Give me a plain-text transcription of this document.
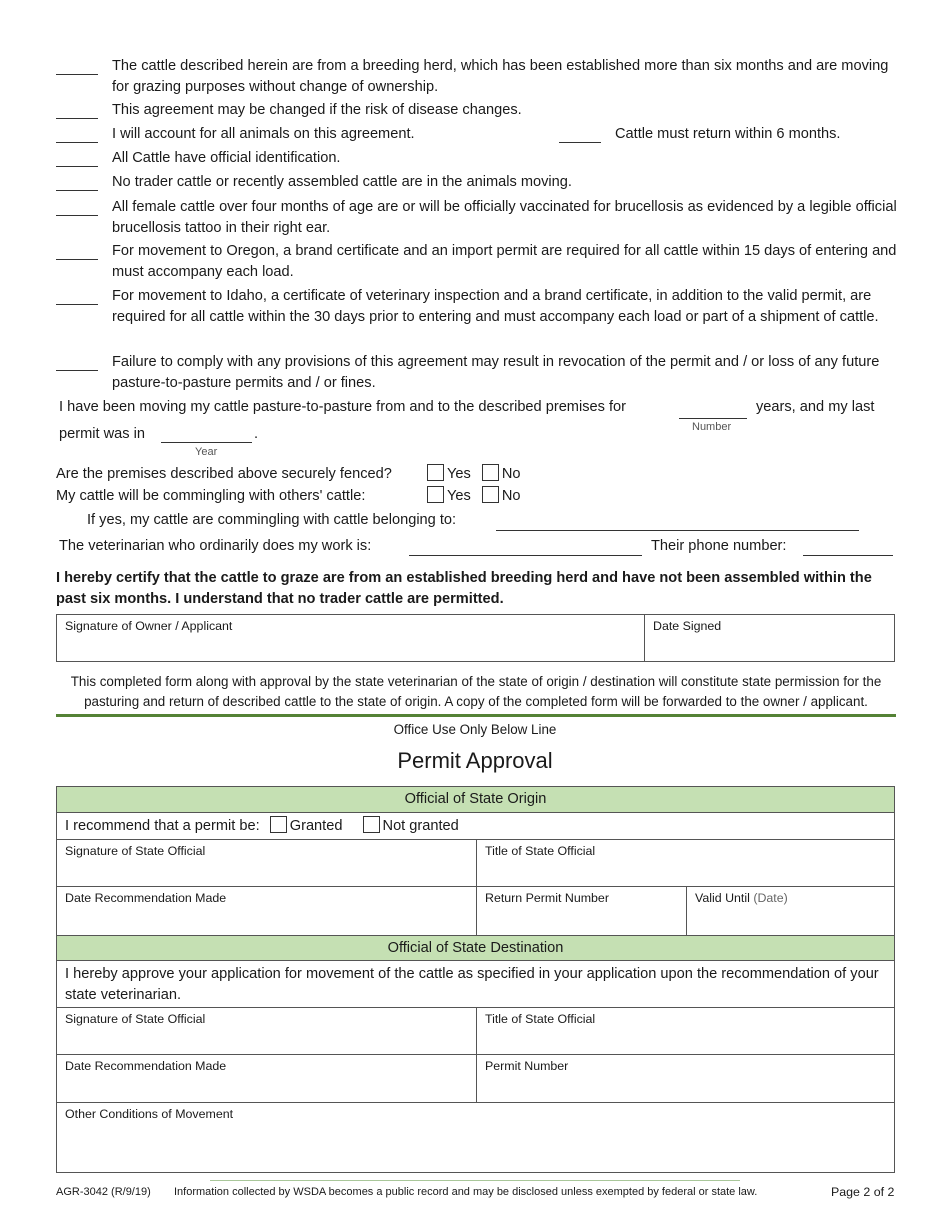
The cattle described herein are from a breeding herd, which has been established more than six months and are moving for grazing purposes without change of ownership.
This agreement may be changed if the risk of disease changes.
I will account for all animals on this agreement.	Cattle must return within 6 months.
All Cattle have official identification.
No trader cattle or recently assembled cattle are in the animals moving.
All female cattle over four months of age are or will be officially vaccinated for brucellosis as evidenced by a legible official brucellosis tattoo in their right ear.
For movement to Oregon, a brand certificate and an import permit are required for all cattle within 15 days of entering and must accompany each load.
For movement to Idaho, a certificate of veterinary inspection and a brand certificate, in addition to the valid permit, are required for all cattle within the 30 days prior to entering and must accompany each load or part of a shipment of cattle.
Failure to comply with any provisions of this agreement may result in revocation of the permit and / or loss of any future pasture-to-pasture permits and / or fines.
I have been moving my cattle pasture-to-pasture from and to the described premises for
Number
years, and my last
permit was in	.
Year
Are the premises described above securely fenced?	Yes No
My cattle will be commingling with others' cattle:	Yes No
If yes, my cattle are commingling with cattle belonging to:
The veterinarian who ordinarily does my work is:	Their phone number:
I hereby certify that the cattle to graze are from an established breeding herd and have not been assembled within the past six months. I understand that no trader cattle are permitted.
Signature of Owner / Applicant	Date Signed
This completed form along with approval by the state veterinarian of the state of origin / destination will constitute state permission for the pasturing and return of described cattle to the state of origin. A copy of the completed form will be forwarded to the owner / applicant.
Office Use Only Below Line
Permit Approval
Official of State Origin
I recommend that a permit be: Granted	Not granted
Signature of State Official	Title of State Official
Date Recommendation Made	Return Permit Number	Valid Until (Date)
Official of State Destination
I hereby approve your application for movement of the cattle as specified in your application upon the recommendation of your state veterinarian.
Signature of State Official	Title of State Official
Date Recommendation Made	Permit Number
Other Conditions of Movement
AGR-3042 (R/9/19) Information collected by WSDA becomes a public record and may be disclosed unless exempted by federal or state law.	Page 2 of 2
